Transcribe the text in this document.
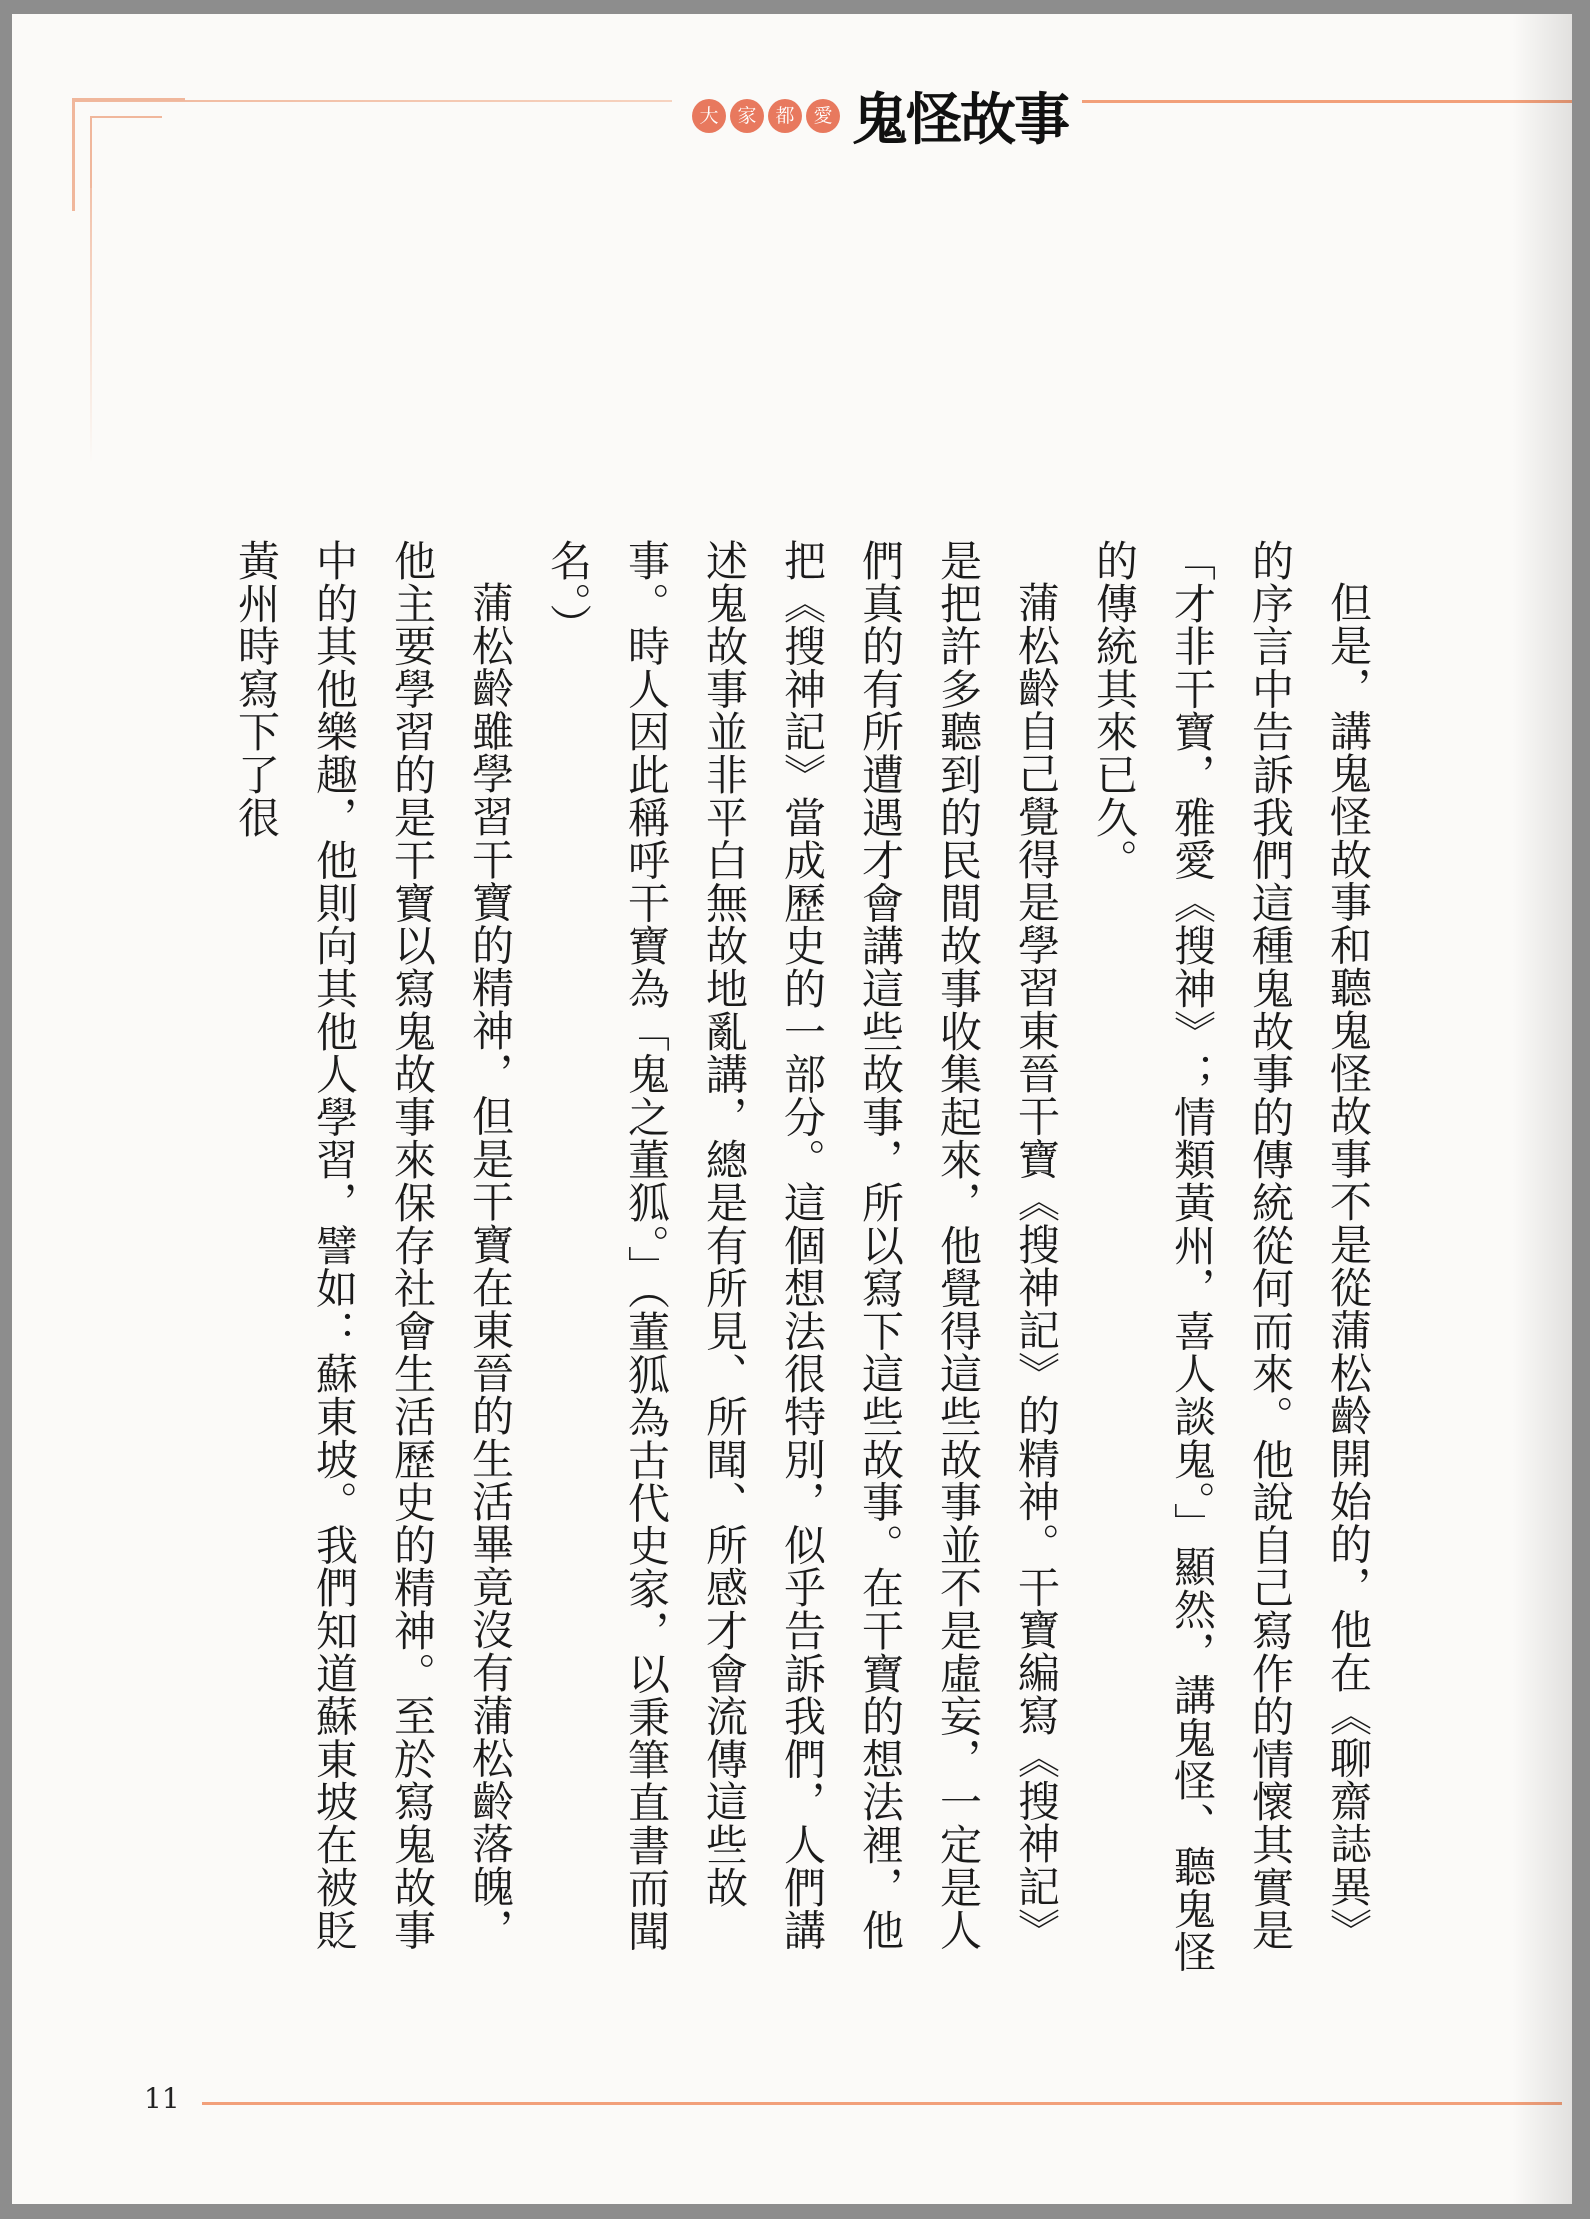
大 家 都 愛 鬼怪故事

但是，講鬼怪故事和聽鬼怪故事不是從蒲松齡開始的，他在《聊齋誌異》的序言中告訴我們這種鬼故事的傳統從何而來。他說自己寫作的情懷其實是「才非干寶，雅愛《搜神》；情類黃州，喜人談鬼。」顯然，講鬼怪、聽鬼怪的傳統其來已久。

蒲松齡自己覺得是學習東晉干寶《搜神記》的精神。干寶編寫《搜神記》是把許多聽到的民間故事收集起來，他覺得這些故事並不是虛妄，一定是人們真的有所遭遇才會講這些故事，所以寫下這些故事。在干寶的想法裡，他把《搜神記》當成歷史的一部分。這個想法很特別，似乎告訴我們，人們講述鬼故事並非平白無故地亂講，總是有所見、所聞、所感才會流傳這些故事。時人因此稱呼干寶為「鬼之董狐。」（董狐為古代史家，以秉筆直書而聞名。）

蒲松齡雖學習干寶的精神，但是干寶在東晉的生活畢竟沒有蒲松齡落魄，他主要學習的是干寶以寫鬼故事來保存社會生活歷史的精神。至於寫鬼故事中的其他樂趣，他則向其他人學習，譬如：蘇東坡。我們知道蘇東坡在被貶黃州時寫下了很

11
